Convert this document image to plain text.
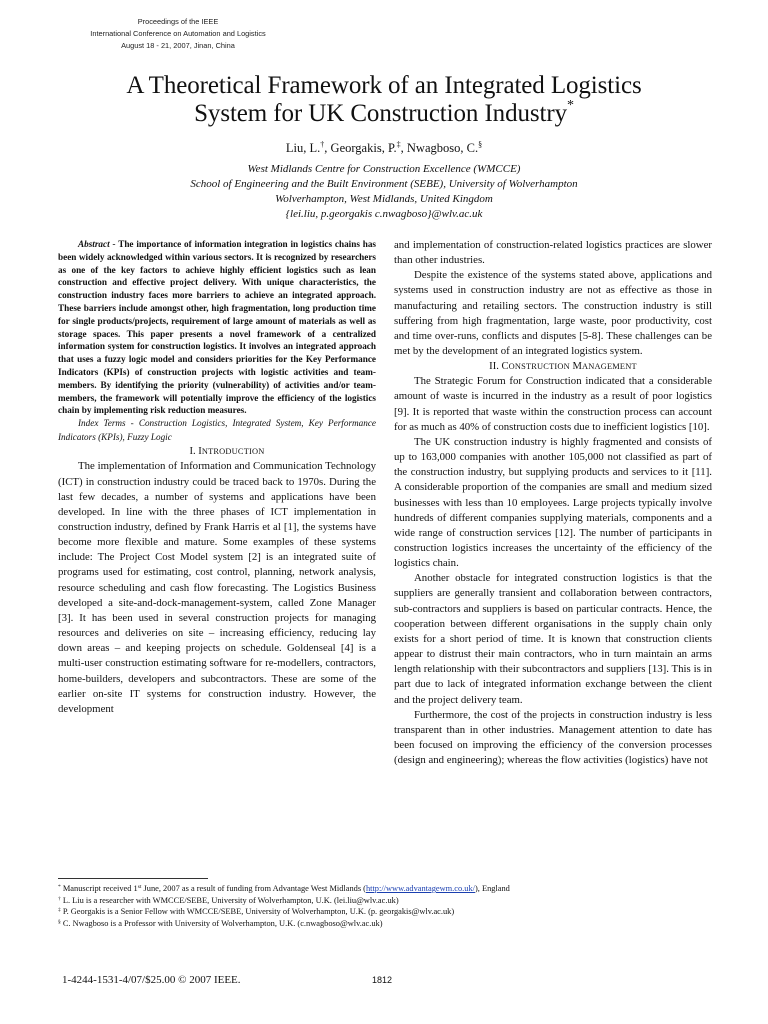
Proceedings of the IEEE
International Conference on Automation and Logistics
August 18 - 21, 2007, Jinan, China
A Theoretical Framework of an Integrated Logistics
System for UK Construction Industry*
Liu, L.†, Georgakis, P.‡, Nwagboso, C.§
West Midlands Centre for Construction Excellence (WMCCE)
School of Engineering and the Built Environment (SEBE), University of Wolverhampton
Wolverhampton, West Midlands, United Kingdom
{lei.liu, p.georgakis c.nwagboso}@wlv.ac.uk

Abstract - The importance of information integration in logistics chains has been widely acknowledged within various sectors. It is recognized by researchers as one of the key factors to achieve highly efficient logistics such as lean construction and effective project delivery. With unique characteristics, the construction industry faces more barriers to achieve an integrated approach. These barriers include amongst other, high fragmentation, long production time for single products/projects, requirement of large amount of materials as well as storage spaces. This paper presents a novel framework of a centralized information system for construction logistics. It involves an integrated approach that uses a fuzzy logic model and considers priorities for the Key Performance Indicators (KPIs) of construction projects with logistic activities and team-members. By identifying the priority (vulnerability) of activities and/or team-members, the framework will potentially improve the efficiency of the logistics chain by implementing risk reduction measures.

Index Terms - Construction Logistics, Integrated System, Key Performance Indicators (KPIs), Fuzzy Logic

I. INTRODUCTION

The implementation of Information and Communication Technology (ICT) in construction industry could be traced back to 1970s. During the last few decades, a number of systems and applications have been developed. In line with the three phases of ICT implementation in construction industry, defined by Frank Harris et al [1], the systems have become more flexible and mature. Some examples of these systems include: The Project Cost Model system [2] is an integrated suite of programs used for estimating, cost control, planning, network analysis, resource scheduling and cash flow forecasting. The Logistics Business developed a site-and-dock-management-system, called Zone Manager [3]. It has been used in several construction projects for managing resources and deliveries on site – increasing efficiency, reducing lay down areas – and keeping projects on schedule. Goldenseal [4] is a multi-user construction estimating software for re-modellers, contractors, home-builders, developers and subcontractors. These are some of the earlier on-site IT systems for construction industry. However, the development

and implementation of construction-related logistics practices are slower than other industries.

Despite the existence of the systems stated above, applications and systems used in construction industry are not as effective as those in manufacturing and retailing sectors. The construction industry is still suffering from high fragmentation, large waste, poor productivity, cost and time over-runs, conflicts and disputes [5-8]. These challenges can be met by the development of an integrated logistics system.

II. CONSTRUCTION MANAGEMENT

The Strategic Forum for Construction indicated that a considerable amount of waste is incurred in the industry as a result of poor logistics [9]. It is reported that waste within the construction process can account for as much as 40% of construction costs due to inefficient logistics [10].

The UK construction industry is highly fragmented and consists of up to 163,000 companies with another 105,000 not classified as part of the construction industry, but supplying products and services to it [11]. A considerable proportion of the companies are small and medium sized businesses with less than 10 employees. Large projects typically involve hundreds of different companies supplying materials, components and a wide range of construction services [12]. The number of participants in construction logistics increases the uncertainty of the efficiency of the logistics chain.

Another obstacle for integrated construction logistics is that the suppliers are generally transient and collaboration between contractors, sub-contractors and suppliers is based on particular contracts. Hence, the cooperation between different organisations in the supply chain only exists for a short period of time. It is known that construction clients appear to distrust their main contractors, who in turn maintain an arms length relationship with their subcontractors and suppliers [13]. This is in part due to lack of integrated information exchange between the client and the project delivery team.

Furthermore, the cost of the projects in construction industry is less transparent than in other industries. Management attention to date has been focused on improving the efficiency of the conversion processes (design and engineering); whereas the flow activities (logistics) have not

* Manuscript received 1st June, 2007 as a result of funding from Advantage West Midlands (http://www.advantagewm.co.uk/), England
† L. Liu is a researcher with WMCCE/SEBE, University of Wolverhampton, U.K. (lei.liu@wlv.ac.uk)
‡ P. Georgakis is a Senior Fellow with WMCCE/SEBE, University of Wolverhampton, U.K. (p. georgakis@wlv.ac.uk)
§ C. Nwagboso is a Professor with University of Wolverhampton, U.K. (c.nwagboso@wlv.ac.uk)
1-4244-1531-4/07/$25.00 © 2007 IEEE.	1812
